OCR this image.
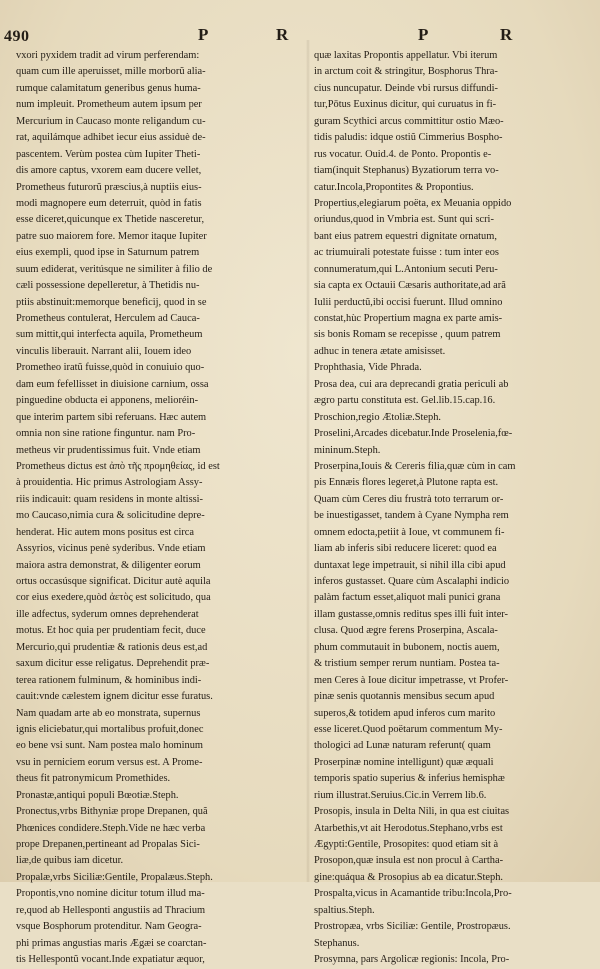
490	P	R	P	R
vxori pyxidem tradit ad virum perferendam:
quam cum ille aperuisset, mille morborũ alia-
rumque calamitatum generibus genus huma-
num impleuit. Prometheum autem ipsum per
Mercurium in Caucaso monte religandum cu-
rat, aquilámque adhibet iecur eius assiduè de-
pascentem. Verùm postea cùm Iupiter Theti-
dis amore captus, vxorem eam ducere vellet,
Prometheus futurorũ præscius,à nuptiis eius-
modi magnopere eum deterruit, quòd in fatis
esse diceret,quicunque ex Thetide nasceretur,
patre suo maiorem fore. Memor itaque Iupiter
eius exempli, quod ipse in Saturnum patrem
suum ediderat, veritúsque ne similiter à filio de
cæli possessione depelleretur, à Thetidis nu-
ptiis abstinuit:memorque beneficij, quod in se
Prometheus contulerat, Herculem ad Cauca-
sum mittit,qui interfecta aquila, Prometheum
vinculis liberauit. Narrant alii, Iouem ideo
Prometheo iratũ fuisse,quòd in conuiuio quo-
dam eum fefellisset in diuisione carnium, ossa
pinguedine obducta ei apponens, melioréin-
que interim partem sibi referuans. Hæc autem
omnia non sine ratione finguntur. nam Pro-
metheus vir prudentissimus fuit. Vnde etiam
Prometheus dictus est ἀπὸ τῆς προμηθείας, id est
à prouidentia. Hic primus Astrologiam Assy-
riis indicauit: quam residens in monte altissi-
mo Caucaso,nimia cura & solicitudine depre-
henderat. Hic autem mons positus est circa
Assyrios, vicinus penè syderibus. Vnde etiam
maiora astra demonstrat, & diligenter eorum
ortus occasúsque significat. Dicitur autè aquila
cor eius exedere,quòd ἀετὸς est solicitudo, qua
ille adfectus, syderum omnes deprehenderat
motus. Et hoc quia per prudentiam fecit, duce
Mercurio,qui prudentiæ & rationis deus est,ad
saxum dicitur esse religatus. Deprehendit præ-
terea rationem fulminum, & hominibus indi-
cauit:vnde cælestem ignem dicitur esse furatus.
Nam quadam arte ab eo monstrata, supernus
ignis eliciebatur,qui mortalibus profuit,donec
eo bene vsi sunt. Nam postea malo hominum
vsu in perniciem eorum versus est. A Prome-
theus fit patronymicum Promethides.
Pronastæ,antiqui populi Bœotiæ.Steph.
Pronectus,vrbs Bithyniæ prope Drepanen, quã
Phœnices condidere.Steph.Vide ne hæc verba
prope Drepanen,pertineant ad Propalas Sici-
liæ,de quibus iam dicetur.
Propalæ,vrbs Siciliæ:Gentile, Propalæus.Steph.
Propontis,vno nomine dicitur totum illud ma-
re,quod ab Hellesponti angustiis ad Thracium
vsque Bosphorum protenditur. Nam Geogra-
phi primas angustias maris Ægæi se coarctan-
tis Hellespontũ vocant.Inde expatiatur æquor,
quæ laxitas Propontis appellatur. Vbi iterum
in arctum coit & stringitur, Bosphorus Thra-
cius nuncupatur. Deinde vbi rursus diffundi-
tur,Pōtus Euxinus dicitur, qui curuatus in fi-
guram Scythici arcus committitur ostio Mæo-
tidis paludis: idque ostiũ Cimmerius Bospho-
rus vocatur. Ouid.4. de Ponto. Propontis e-
tiam(inquit Stephanus) Byzatiorum terra vo-
catur.Incola,Propontites & Propontius.
Propertius,elegiarum poëta, ex Meuania oppido
oriundus,quod in Vmbria est. Sunt qui scri-
bant eius patrem equestri dignitate ornatum,
ac triumuirali potestate fuisse : tum inter eos
connumeratum,qui L.Antonium secuti Peru-
sia capta ex Octauii Cæsaris authoritate,ad arã
Iulii perductũ,ibi occisi fuerunt. Illud omnino
constat,hùc Propertium magna ex parte amis-
sis bonis Romam se recepisse , quum patrem
adhuc in tenera ætate amisisset.
Prophthasia, Vide Phrada.
Prosa dea, cui ara deprecandi gratia periculi ab
ægro partu constituta est. Gel.lib.15.cap.16.
Proschion,regio Ætoliæ.Steph.
Proselini,Arcades dicebatur.Inde Proselenia,fœ-
mininum.Steph.
Proserpina,Iouis & Cereris filia,quæ cùm in cam
pis Ennæis flores legeret,à Plutone rapta est.
Quam cùm Ceres diu frustrà toto terrarum or-
be inuestigasset, tandem à Cyane Nympha rem
omnem edocta,petiit à Ioue, vt communem fi-
liam ab inferis sibi reducere liceret: quod ea
duntaxat lege impetrauit, si nihil illa cibi apud
inferos gustasset. Quare cùm Ascalaphi indicio
palàm factum esset,aliquot mali punici grana
illam gustasse,omnis reditus spes illi fuit inter-
clusa. Quod ægre ferens Proserpina, Ascala-
phum commutauit in bubonem, noctis auem,
& tristium semper rerum nuntiam. Postea ta-
men Ceres à Ioue dicitur impetrasse, vt Profer-
pinæ senis quotannis mensibus secum apud
superos,& totidem apud inferos cum marito
esse liceret.Quod poëtarum commentum My-
thologici ad Lunæ naturam referunt( quam
Proserpinæ nomine intelligunt) quæ æquali
temporis spatio superius & inferius hemisphæ
rium illustrat.Seruius.Cic.in Verrem lib.6.
Prosopis, insula in Delta Nili, in qua est ciuitas
Atarbethis,vt ait Herodotus.Stephano,vrbs est
Ægypti:Gentile, Prosopites: quod etiam sit à
Prosopon,quæ insula est non procul à Cartha-
gine:quáqua & Prosopius ab ea dicatur.Steph.
Prospalta,vicus in Acamantide tribu:Incola,Pro-
spaltius.Steph.
Prostropæa, vrbs Siciliæ: Gentile, Prostropæus.
Stephanus.
Prosymna, pars Argolicæ regionis: Incola, Pro-
